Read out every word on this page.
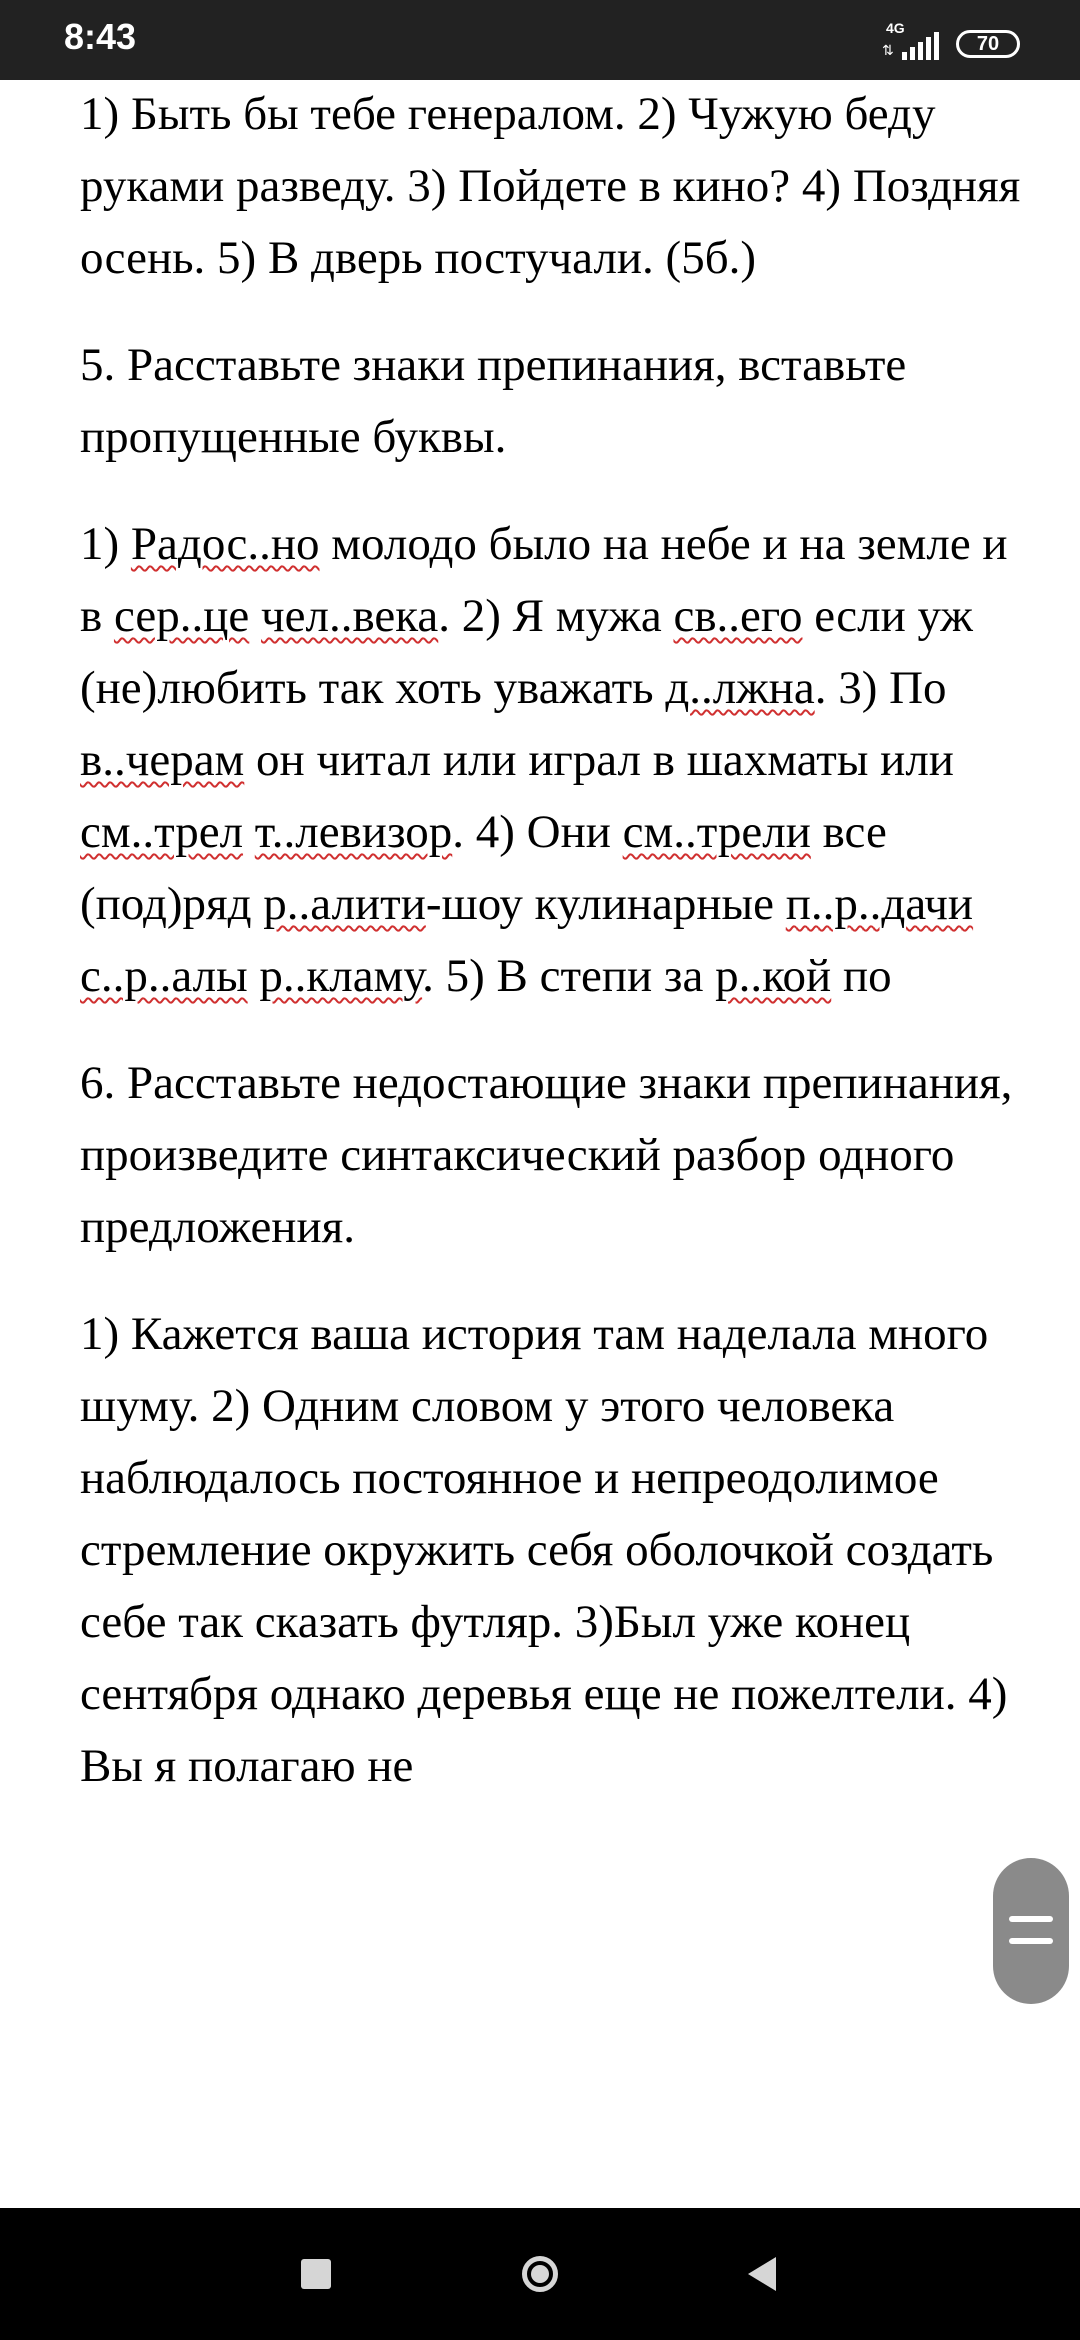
8:43	4G
⇅	70

1) Быть бы тебе генералом. 2) Чужую беду руками разведу. 3) Пойдете в кино? 4) Поздняя осень. 5) В дверь постучали. (5б.)

5. Расставьте знаки препинания, вставьте пропущенные буквы.

1) Радос..но молодо было на небе и на земле и в сер..це чел..века. 2) Я мужа св..его если уж (не)любить так хоть уважать д..лжна. 3) По в..черам он читал или играл в шахматы или см..трел т..левизор. 4) Они см..трели все (под)ряд р..алити-шоу кулинарные п..р..дачи с..р..алы р..кламу. 5) В степи за р..кой по

6. Расставьте недостающие знаки препинания, произведите синтаксический разбор одного предложения.

1) Кажется ваша история там наделала много шуму. 2) Одним словом у этого человека наблюдалось постоянное и непреодолимое стремление окружить себя оболочкой создать себе так сказать футляр. 3)Был уже конец сентября однако деревья еще не пожелтели. 4) Вы я полагаю не
